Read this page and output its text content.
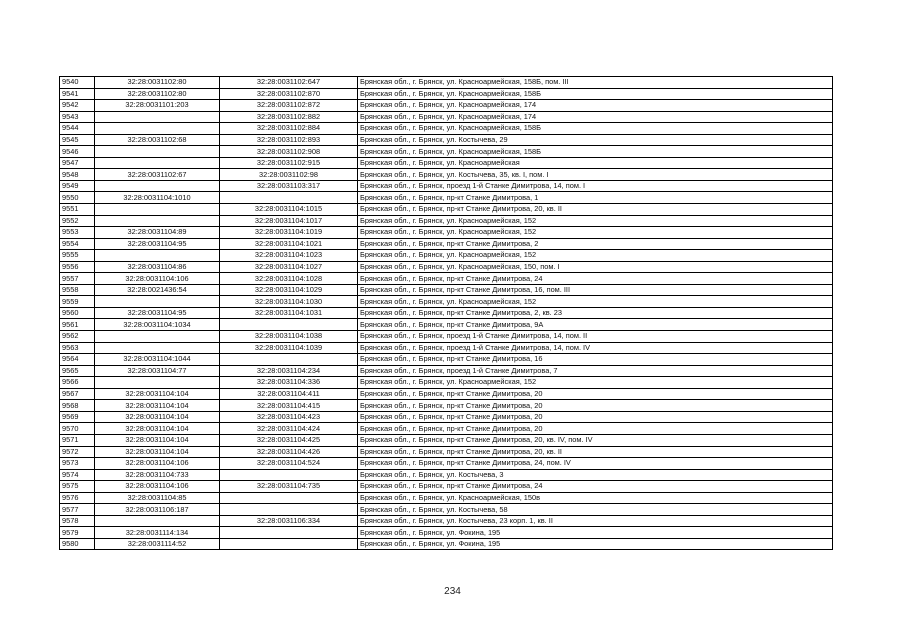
9540	32:28:0031102:80	32:28:0031102:647	Брянская обл., г. Брянск, ул. Красноармейская, 158Б, пом. III
9541	32:28:0031102:80	32:28:0031102:870	Брянская обл., г. Брянск, ул. Красноармейская, 158Б
9542	32:28:0031101:203	32:28:0031102:872	Брянская обл., г. Брянск, ул. Красноармейская, 174
9543		32:28:0031102:882	Брянская обл., г. Брянск, ул. Красноармейская, 174
9544		32:28:0031102:884	Брянская обл., г. Брянск, ул. Красноармейская, 158Б
9545	32:28:0031102:68	32:28:0031102:893	Брянская обл., г. Брянск, ул. Костычева, 29
9546		32:28:0031102:908	Брянская обл., г. Брянск, ул. Красноармейская, 158Б
9547		32:28:0031102:915	Брянская обл., г. Брянск, ул. Красноармейская
9548	32:28:0031102:67	32:28:0031102:98	Брянская обл., г. Брянск, ул. Костычева, 35, кв. I, пом. I
9549		32:28:0031103:317	Брянская обл., г. Брянск, проезд 1-й Станке Димитрова, 14, пом. I
9550	32:28:0031104:1010		Брянская обл., г. Брянск, пр-кт Станке Димитрова, 1
9551		32:28:0031104:1015	Брянская обл., г. Брянск, пр-кт Станке Димитрова, 20, кв. II
9552		32:28:0031104:1017	Брянская обл., г. Брянск, ул. Красноармейская, 152
9553	32:28:0031104:89	32:28:0031104:1019	Брянская обл., г. Брянск, ул. Красноармейская, 152
9554	32:28:0031104:95	32:28:0031104:1021	Брянская обл., г. Брянск, пр-кт Станке Димитрова, 2
9555		32:28:0031104:1023	Брянская обл., г. Брянск, ул. Красноармейская, 152
9556	32:28:0031104:86	32:28:0031104:1027	Брянская обл., г. Брянск, ул. Красноармейская, 150, пом. I
9557	32:28:0031104:106	32:28:0031104:1028	Брянская обл., г. Брянск, пр-кт Станке Димитрова, 24
9558	32:28:0021436:54	32:28:0031104:1029	Брянская обл., г. Брянск, пр-кт Станке Димитрова, 16, пом. III
9559		32:28:0031104:1030	Брянская обл., г. Брянск, ул. Красноармейская, 152
9560	32:28:0031104:95	32:28:0031104:1031	Брянская обл., г. Брянск, пр-кт Станке Димитрова, 2, кв. 23
9561	32:28:0031104:1034		Брянская обл., г. Брянск, пр-кт Станке Димитрова, 9А
9562		32:28:0031104:1038	Брянская обл., г. Брянск, проезд 1-й Станке Димитрова, 14, пом. II
9563		32:28:0031104:1039	Брянская обл., г. Брянск, проезд 1-й Станке Димитрова, 14, пом. IV
9564	32:28:0031104:1044		Брянская обл., г. Брянск, пр-кт Станке Димитрова, 16
9565	32:28:0031104:77	32:28:0031104:234	Брянская обл., г. Брянск, проезд 1-й Станке Димитрова, 7
9566		32:28:0031104:336	Брянская обл., г. Брянск, ул. Красноармейская, 152
9567	32:28:0031104:104	32:28:0031104:411	Брянская обл., г. Брянск, пр-кт Станке Димитрова, 20
9568	32:28:0031104:104	32:28:0031104:415	Брянская обл., г. Брянск, пр-кт Станке Димитрова, 20
9569	32:28:0031104:104	32:28:0031104:423	Брянская обл., г. Брянск, пр-кт Станке Димитрова, 20
9570	32:28:0031104:104	32:28:0031104:424	Брянская обл., г. Брянск, пр-кт Станке Димитрова, 20
9571	32:28:0031104:104	32:28:0031104:425	Брянская обл., г. Брянск, пр-кт Станке Димитрова, 20, кв. IV, пом. IV
9572	32:28:0031104:104	32:28:0031104:426	Брянская обл., г. Брянск, пр-кт Станке Димитрова, 20, кв. II
9573	32:28:0031104:106	32:28:0031104:524	Брянская обл., г. Брянск, пр-кт Станке Димитрова, 24, пом. IV
9574	32:28:0031104:733		Брянская обл., г. Брянск, ул. Костычева, 3
9575	32:28:0031104:106	32:28:0031104:735	Брянская обл., г. Брянск, пр-кт Станке Димитрова, 24
9576	32:28:0031104:85		Брянская обл., г. Брянск, ул. Красноармейская, 150в
9577	32:28:0031106:187		Брянская обл., г. Брянск, ул. Костычева, 58
9578		32:28:0031106:334	Брянская обл., г. Брянск, ул. Костычева, 23 корп. 1, кв. II
9579	32:28:0031114:134		Брянская обл., г. Брянск, ул. Фокина, 195
9580	32:28:0031114:52		Брянская обл., г. Брянск, ул. Фокина, 195
234
